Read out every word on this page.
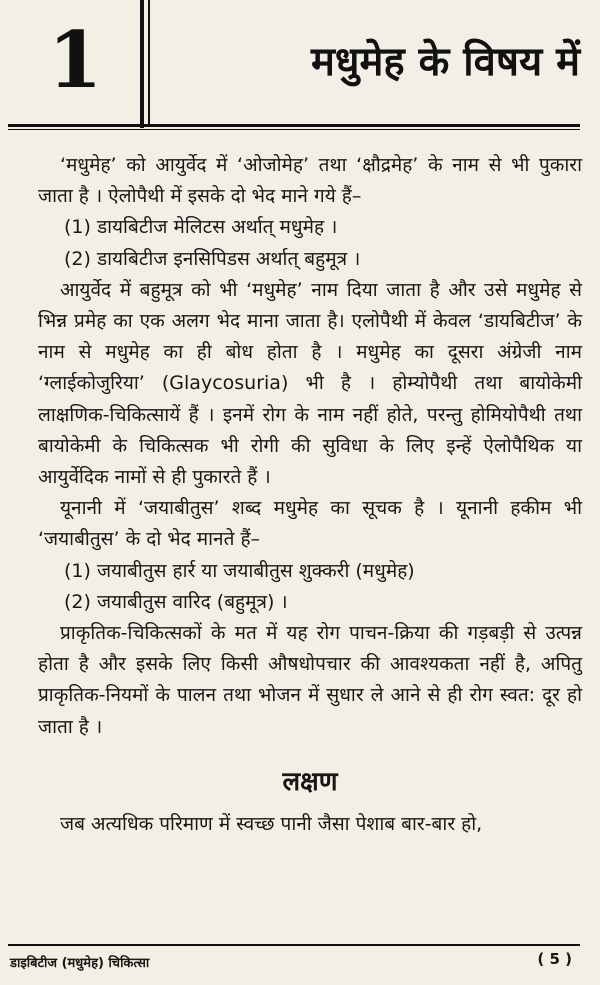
1	मधुमेह के विषय में

‘मधुमेह’ को आयुर्वेद में ‘ओजोमेह’ तथा ‘क्षौद्रमेह’ के नाम से भी पुकारा जाता है । ऐलोपैथी में इसके दो भेद माने गये हैं–

(1) डायबिटीज मेलिटस अर्थात् मधुमेह ।

(2) डायबिटीज इनसिपिडस अर्थात् बहुमूत्र ।

आयुर्वेद में बहुमूत्र को भी ‘मधुमेह’ नाम दिया जाता है और उसे मधुमेह से भिन्न प्रमेह का एक अलग भेद माना जाता है। एलोपैथी में केवल ‘डायबिटीज’ के नाम से मधुमेह का ही बोध होता है । मधुमेह का दूसरा अंग्रेजी नाम ‘ग्लाईकोजुरिया’ (Glaycosuria) भी है । होम्योपैथी तथा बायोकेमी लाक्षणिक-चिकित्सायें हैं । इनमें रोग के नाम नहीं होते, परन्तु होमियोपैथी तथा बायोकेमी के चिकित्सक भी रोगी की सुविधा के लिए इन्हें ऐलोपैथिक या आयुर्वेदिक नामों से ही पुकारते हैं ।

यूनानी में ‘जयाबीतुस’ शब्द मधुमेह का सूचक है । यूनानी हकीम भी ‘जयाबीतुस’ के दो भेद मानते हैं–

(1) जयाबीतुस हार्र या जयाबीतुस शुक्करी (मधुमेह)

(2) जयाबीतुस वारिद (बहुमूत्र) ।

प्राकृतिक-चिकित्सकों के मत में यह रोग पाचन-क्रिया की गड़बड़ी से उत्पन्न होता है और इसके लिए किसी औषधोपचार की आवश्यकता नहीं है, अपितु प्राकृतिक-नियमों के पालन तथा भोजन में सुधार ले आने से ही रोग स्वत: दूर हो जाता है ।

लक्षण

जब अत्यधिक परिमाण में स्वच्छ पानी जैसा पेशाब बार-बार हो,

डाइबिटीज (मधुमेह) चिकित्सा	( 5 )
